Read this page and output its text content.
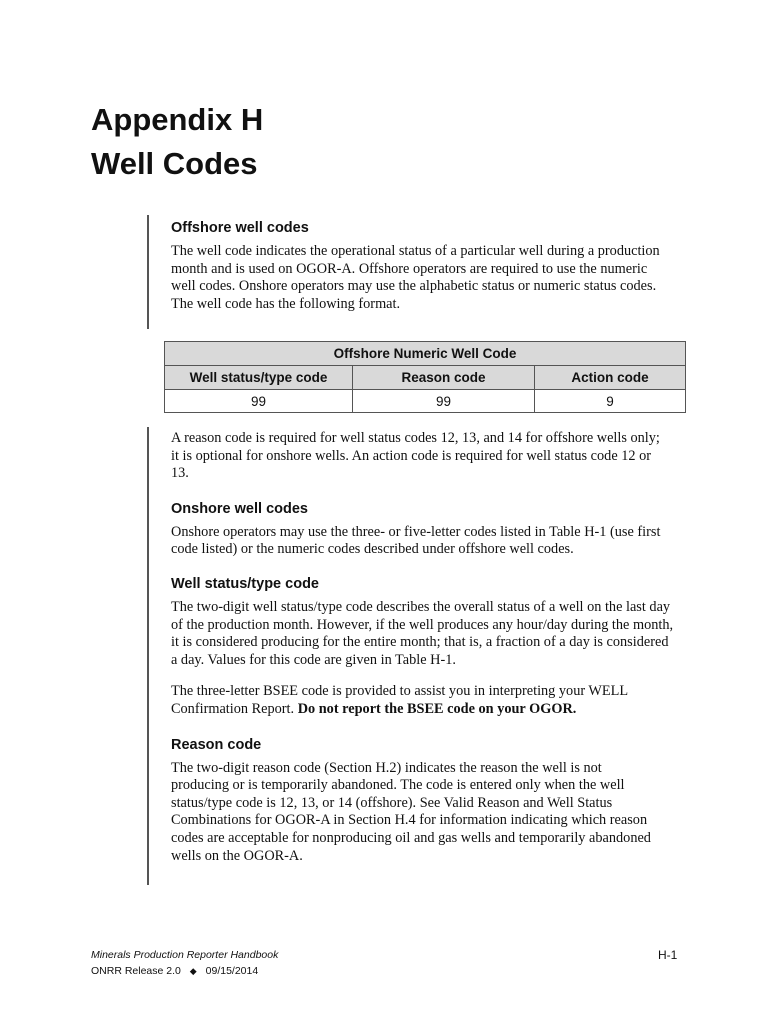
Appendix H
Well Codes
Offshore well codes

The well code indicates the operational status of a particular well during a production month and is used on OGOR-A. Offshore operators are required to use the numeric well codes. Onshore operators may use the alphabetic status or numeric status codes. The well code has the following format.

Offshore Numeric Well Code		
Well status/type code	Reason code	Action code
99	99	9

A reason code is required for well status codes 12, 13, and 14 for offshore wells only; it is optional for onshore wells. An action code is required for well status code 12 or 13.

Onshore well codes

Onshore operators may use the three- or five-letter codes listed in Table H-1 (use first code listed) or the numeric codes described under offshore well codes.

Well status/type code

The two-digit well status/type code describes the overall status of a well on the last day of the production month. However, if the well produces any hour/day during the month, it is considered producing for the entire month; that is, a fraction of a day is considered a day. Values for this code are given in Table H-1.

The three-letter BSEE code is provided to assist you in interpreting your WELL Confirmation Report. Do not report the BSEE code on your OGOR.

Reason code

The two-digit reason code (Section H.2) indicates the reason the well is not producing or is temporarily abandoned. The code is entered only when the well status/type code is 12, 13, or 14 (offshore). See Valid Reason and Well Status Combinations for OGOR-A in Section H.4 for information indicating which reason codes are acceptable for nonproducing oil and gas wells and temporarily abandoned wells on the OGOR-A.

Minerals Production Reporter Handbook
ONRR Release 2.0 ◆ 09/15/2014
H-1
